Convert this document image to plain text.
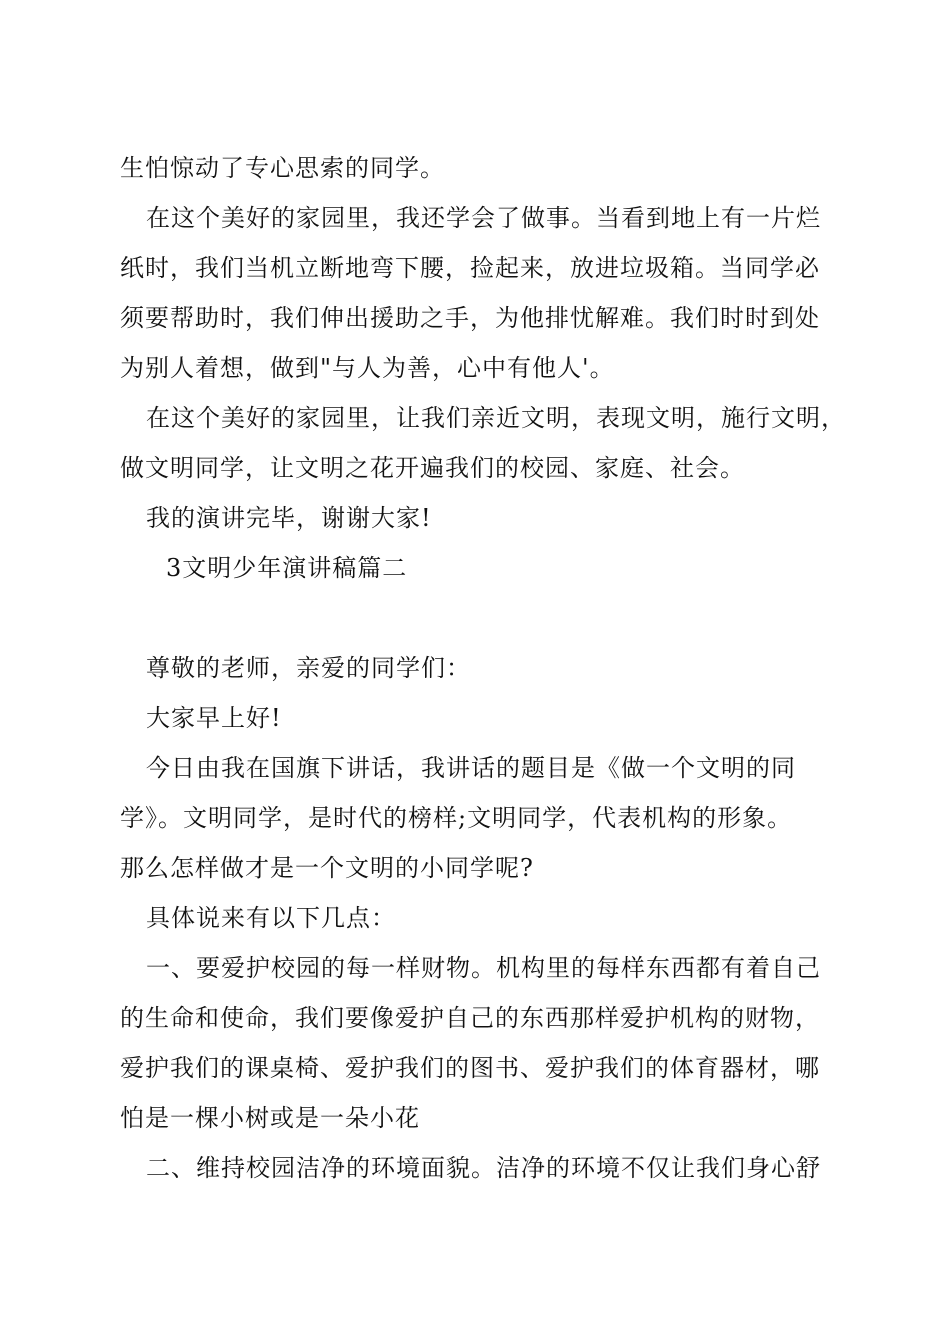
生怕惊动了专心思索的同学。
在这个美好的家园里，我还学会了做事。当看到地上有一片烂
纸时，我们当机立断地弯下腰，捡起来，放进垃圾箱。当同学必
须要帮助时，我们伸出援助之手，为他排忧解难。我们时时到处
为别人着想，做到"与人为善，心中有他人'。
在这个美好的家园里，让我们亲近文明，表现文明，施行文明，
做文明同学，让文明之花开遍我们的校园、家庭、社会。
我的演讲完毕，谢谢大家!
3文明少年演讲稿篇二
尊敬的老师，亲爱的同学们：
大家早上好!
今日由我在国旗下讲话，我讲话的题目是《做一个文明的同
学》。文明同学，是时代的榜样;文明同学，代表机构的形象。
那么怎样做才是一个文明的小同学呢?
具体说来有以下几点：
一、要爱护校园的每一样财物。机构里的每样东西都有着自己
的生命和使命，我们要像爱护自己的东西那样爱护机构的财物，
爱护我们的课桌椅、爱护我们的图书、爱护我们的体育器材，哪
怕是一棵小树或是一朵小花
二、维持校园洁净的环境面貌。洁净的环境不仅让我们身心舒
